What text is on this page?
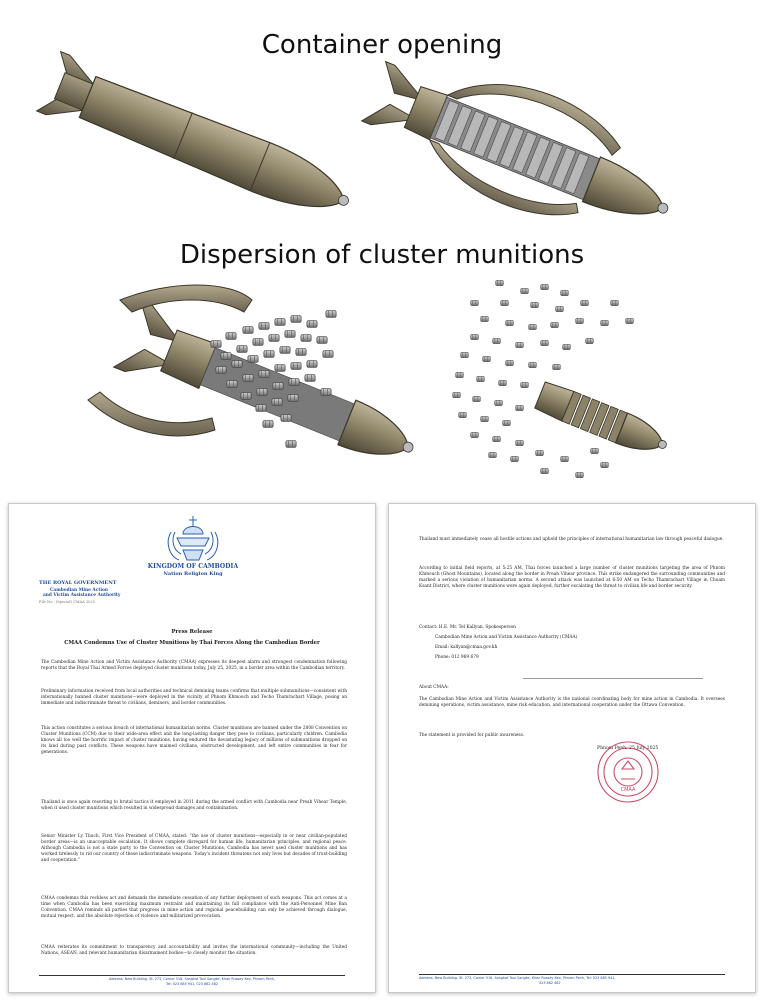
Container opening
Dispersion of cluster munitions
KINGDOM OF CAMBODIA
Nation Religion King
THE ROYAL GOVERNMENT
Cambodian Mine Action
and Victim Assistance Authority
File No.: (Special) CMAA 2025
Press Release
CMAA Condemns Use of Cluster Munitions by Thai Forces Along the Cambodian Border
The Cambodian Mine Action and Victim Assistance Authority (CMAA) expresses its deepest alarm and strongest condemnation following reports that the Royal Thai Armed Forces deployed cluster munitions today, July 25, 2025, in a border area within the Cambodian territory.
Preliminary information received from local authorities and technical demining teams confirms that multiple submunitions—consistent with internationally banned cluster munitions—were deployed in the vicinity of Phnom Khmouch and Techo Thamrachart Village, posing an immediate and indiscriminate threat to civilians, deminers, and border communities.
This action constitutes a serious breach of international humanitarian norms. Cluster munitions are banned under the 2008 Convention on Cluster Munitions (CCM) due to their wide-area effect and the long-lasting danger they pose to civilians, particularly children. Cambodia knows all too well the horrific impact of cluster munitions, having endured the devastating legacy of millions of submunitions dropped on its land during past conflicts. These weapons have maimed civilians, obstructed development, and left entire communities in fear for generations.
Thailand is once again resorting to brutal tactics it employed in 2011 during the armed conflict with Cambodia near Preah Vihear Temple, when it used cluster munitions which resulted in widespread damages and contamination.
Senior Minister Ly Thuch, First Vice President of CMAA, stated: “the use of cluster munitions—especially in or near civilian-populated border areas—is an unacceptable escalation. It shows complete disregard for human life, humanitarian principles, and regional peace. Although Cambodia is not a state party to the Convention on Cluster Munitions, Cambodia has never used cluster munitions and has worked tirelessly to rid our country of these indiscriminate weapons. Today’s incident threatens not only lives but decades of trust-building and cooperation.”
CMAA condemns this reckless act and demands the immediate cessation of any further deployment of such weapons. This act comes at a time when Cambodia has been exercising maximum restraint and maintaining its full compliance with the Anti-Personnel Mine Ban Convention. CMAA reminds all parties that progress in mine action and regional peacebuilding can only be achieved through dialogue, mutual respect, and the absolute rejection of violence and militarized provocation.
CMAA reiterates its commitment to transparency and accountability and invites the international community—including the United Nations, ASEAN, and relevant humanitarian disarmament bodies—to closely monitor the situation.
Address: New Building, St. 273, Corner 516, Sangkat Toul Sangke, Khan Russey Keo, Phnom Penh,
Tel: 023 885 941, 023 882 482
Thailand must immediately cease all hostile actions and uphold the principles of international humanitarian law through peaceful dialogue.
According to initial field reports, at 5:25 AM, Thai forces launched a large number of cluster munitions targeting the area of Phnom Khmouch (Ghost Mountains), located along the border in Preah Vihear province. This strike endangered the surrounding communities and marked a serious violation of humanitarian norms. A second attack was launched at 6:50 AM on Techo Thamrachart Village in Choam Ksant District, where cluster munitions were again deployed, further escalating the threat to civilian life and border security.
Contact: H.E. Mr. Tel Kallyan, Spokesperson
Cambodian Mine Action and Victim Assistance Authority (CMAA)
Email: kallyan@cmaa.gov.kh
Phone: 012 969 679
About CMAA:
The Cambodian Mine Action and Victim Assistance Authority is the national coordinating body for mine action in Cambodia. It oversees demining operations, victim assistance, mine risk education, and international cooperation under the Ottawa Convention.
The statement is provided for public awareness.
Phnom Penh, 25 July 2025
CMAA
Address: New Building, St. 273, Corner 516, Sangkat Toul Sangke, Khan Russey Keo, Phnom Penh, Tel: 023 885 941,
023 882 482
